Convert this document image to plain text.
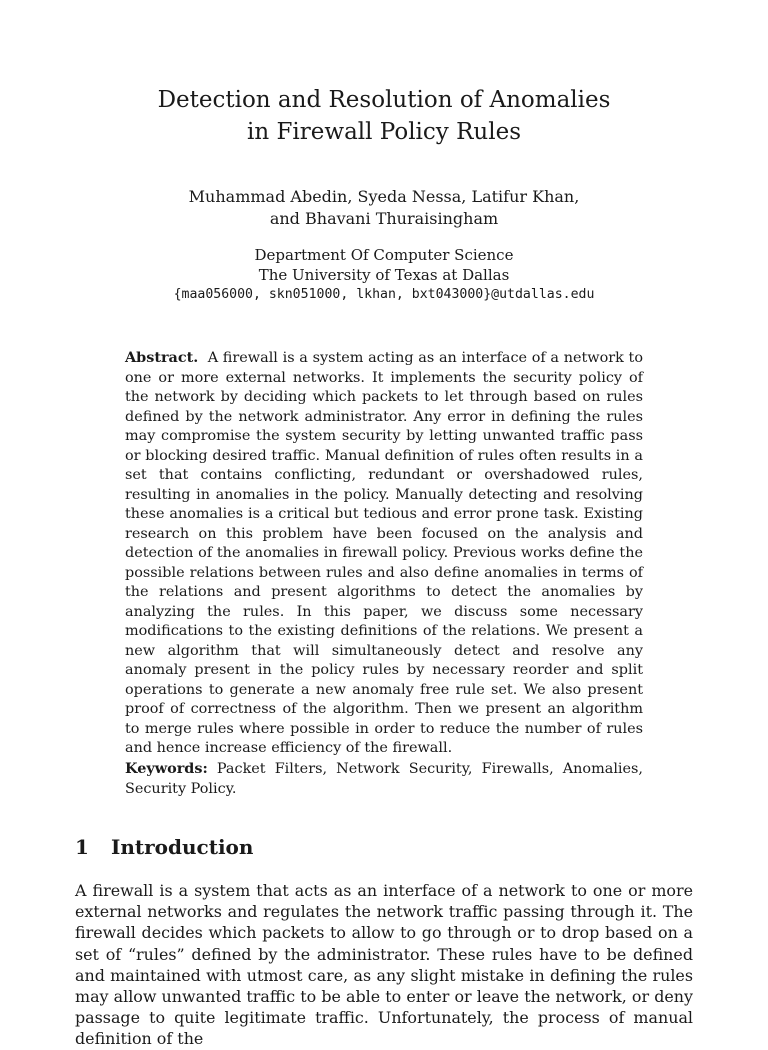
Detection and Resolution of Anomalies
in Firewall Policy Rules
Muhammad Abedin, Syeda Nessa, Latifur Khan,
and Bhavani Thuraisingham
Department Of Computer Science
The University of Texas at Dallas
{maa056000, skn051000, lkhan, bxt043000}@utdallas.edu

Abstract. A firewall is a system acting as an interface of a network to one or more external networks. It implements the security policy of the network by deciding which packets to let through based on rules defined by the network administrator. Any error in defining the rules may compromise the system security by letting unwanted traffic pass or blocking desired traffic. Manual definition of rules often results in a set that contains conflicting, redundant or overshadowed rules, resulting in anomalies in the policy. Manually detecting and resolving these anomalies is a critical but tedious and error prone task. Existing research on this problem have been focused on the analysis and detection of the anomalies in firewall policy. Previous works define the possible relations between rules and also define anomalies in terms of the relations and present algorithms to detect the anomalies by analyzing the rules. In this paper, we discuss some necessary modifications to the existing definitions of the relations. We present a new algorithm that will simultaneously detect and resolve any anomaly present in the policy rules by necessary reorder and split operations to generate a new anomaly free rule set. We also present proof of correctness of the algorithm. Then we present an algorithm to merge rules where possible in order to reduce the number of rules and hence increase efficiency of the firewall.

Keywords: Packet Filters, Network Security, Firewalls, Anomalies, Security Policy.

1 Introduction

A firewall is a system that acts as an interface of a network to one or more external networks and regulates the network traffic passing through it. The firewall decides which packets to allow to go through or to drop based on a set of “rules” defined by the administrator. These rules have to be defined and maintained with utmost care, as any slight mistake in defining the rules may allow unwanted traffic to be able to enter or leave the network, or deny passage to quite legitimate traffic. Unfortunately, the process of manual definition of the
